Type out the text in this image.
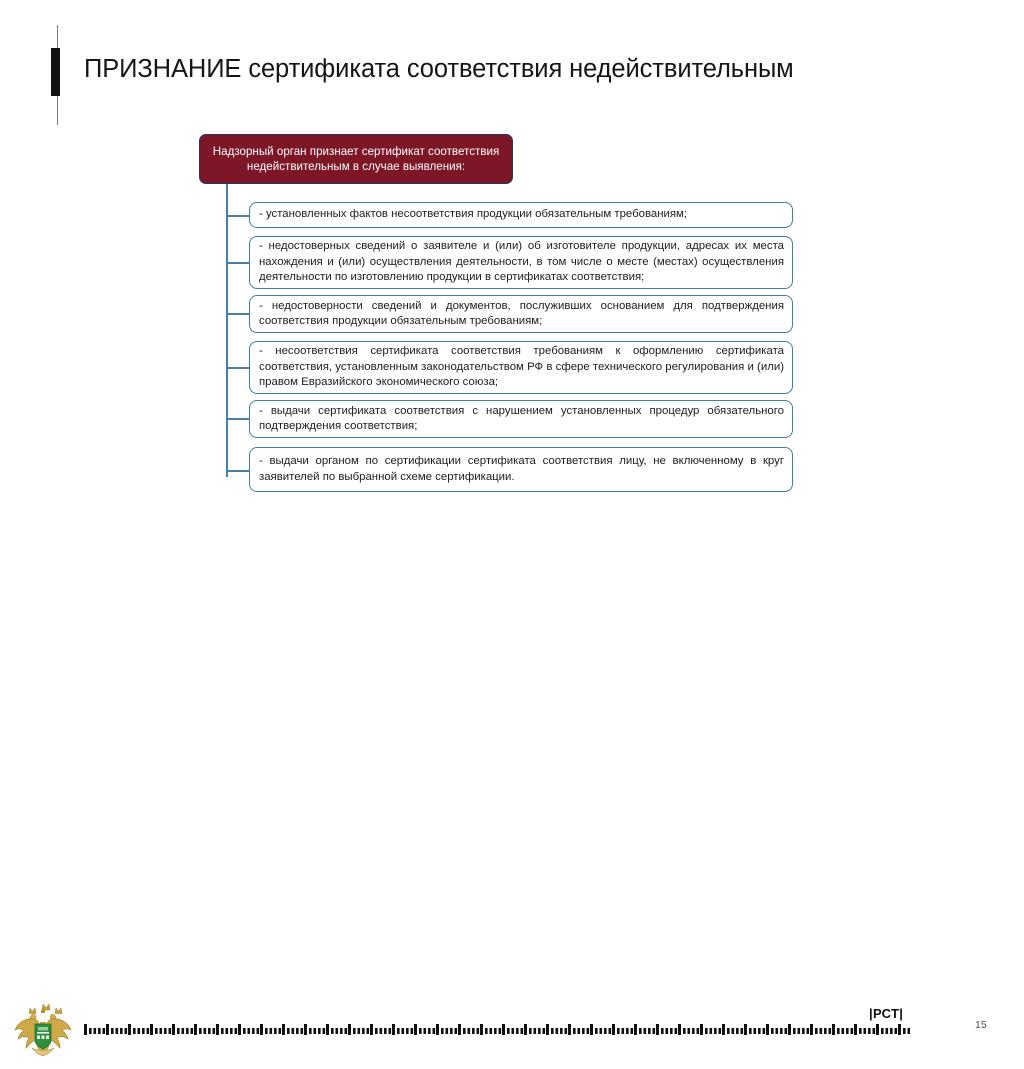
ПРИЗНАНИЕ сертификата соответствия недействительным
Надзорный орган признает сертификат соответствия недействительным в случае выявления:
- установленных фактов несоответствия продукции обязательным требованиям;
- недостоверных сведений о заявителе и (или) об изготовителе продукции, адресах их места нахождения и (или) осуществления деятельности, в том числе о месте (местах) осуществления деятельности по изготовлению продукции в сертификатах соответствия;
- недостоверности сведений и документов, послуживших основанием для подтверждения соответствия продукции обязательным требованиям;
- несоответствия сертификата соответствия требованиям к оформлению сертификата соответствия, установленным законодательством РФ в сфере технического регулирования и (или) правом Евразийского экономического союза;
- выдачи сертификата соответствия с нарушением установленных процедур обязательного подтверждения соответствия;
- выдачи органом по сертификации сертификата соответствия лицу, не включенному в круг заявителей по выбранной схеме сертификации.
|РСТ|
15
